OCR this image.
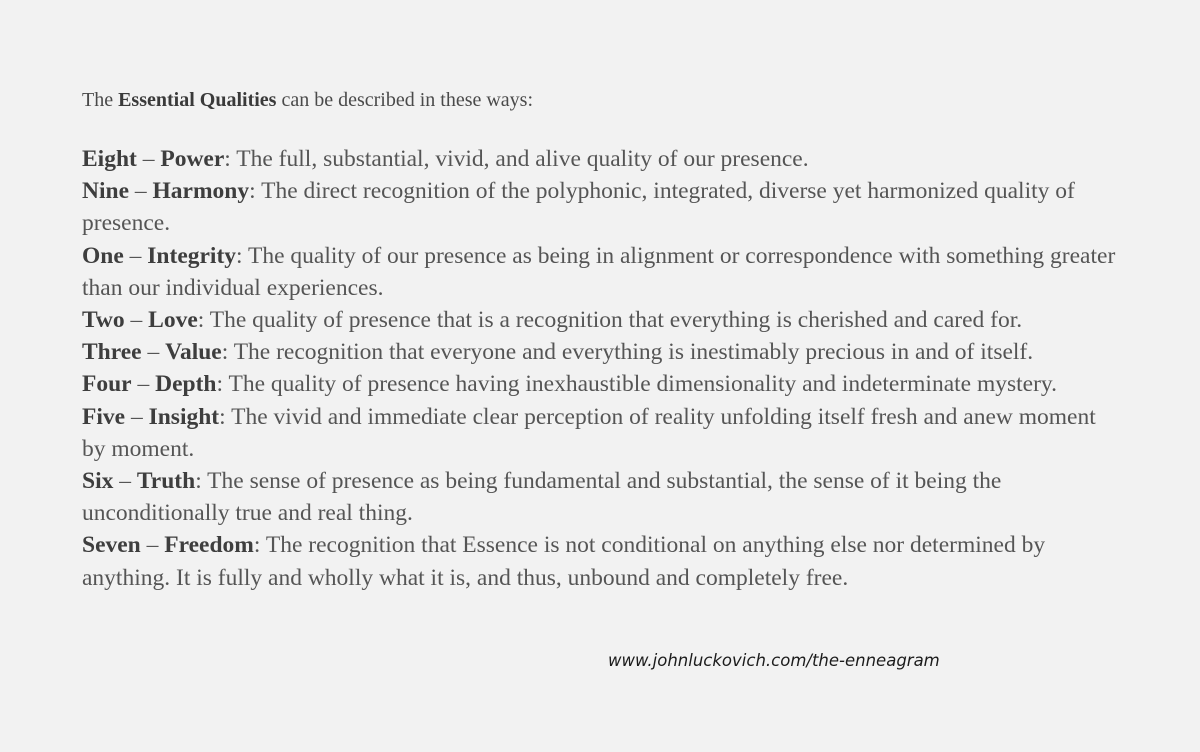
The Essential Qualities can be described in these ways:

Eight – Power: The full, substantial, vivid, and alive quality of our presence.
Nine – Harmony: The direct recognition of the polyphonic, integrated, diverse yet harmonized quality of presence.
One – Integrity: The quality of our presence as being in alignment or correspondence with something greater than our individual experiences.
Two – Love: The quality of presence that is a recognition that everything is cherished and cared for.
Three – Value: The recognition that everyone and everything is inestimably precious in and of itself.
Four – Depth: The quality of presence having inexhaustible dimensionality and indeterminate mystery.
Five – Insight: The vivid and immediate clear perception of reality unfolding itself fresh and anew moment by moment.
Six – Truth: The sense of presence as being fundamental and substantial, the sense of it being the unconditionally true and real thing.
Seven – Freedom: The recognition that Essence is not conditional on anything else nor determined by anything. It is fully and wholly what it is, and thus, unbound and completely free.
www.johnluckovich.com/the-enneagram
